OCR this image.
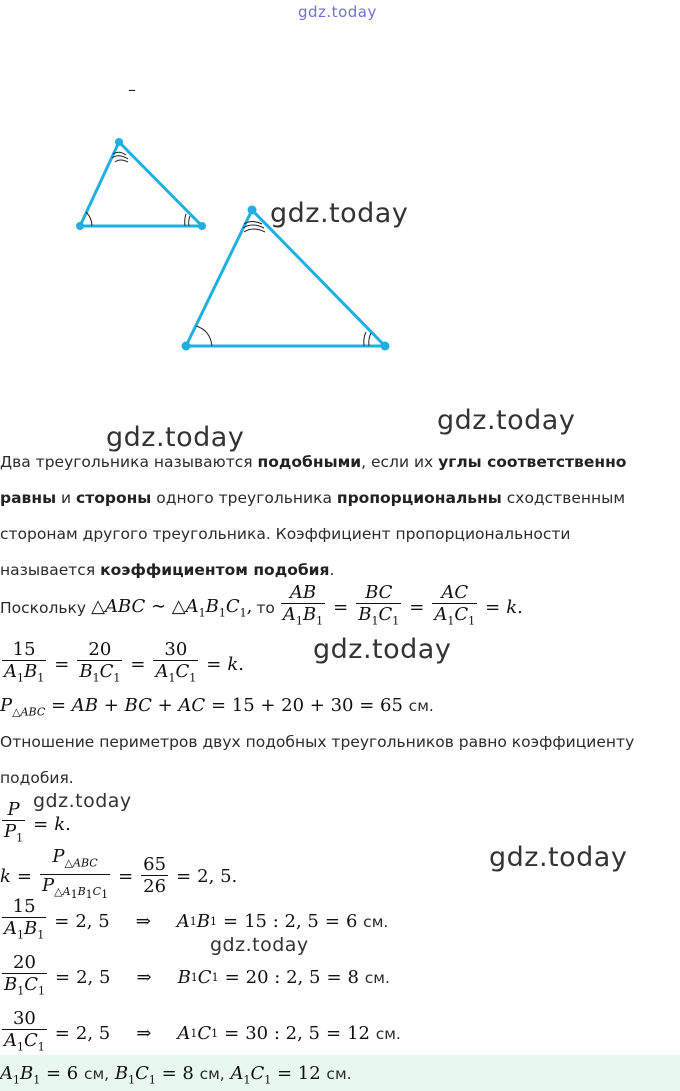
gdz.today
gdz.today
gdz.today
gdz.today
gdz.today
gdz.today
gdz.today
gdz.today
–
Два треугольника называются подобными, если их углы соответственно
равны и стороны одного треугольника пропорциональны сходственным
сторонам другого треугольника. Коэффициент пропорциональности
называется коэффициентом подобия.
Поскольку △ABC ∼ $\triangle A_1B_1C_1$, то $\frac{AB}{A_1B_1} = \frac{BC}{B_1C_1} = \frac{AC}{A_1C_1} = k$ .
$\frac{15}{A_1B_1} = \frac{20}{B_1C_1} = \frac{30}{A_1C_1} = k$ .
$P_{\triangle ABC}$ = AB + BC + AC = 15 + 20 + 30 = 65 см.
Отношение периметров двух подобных треугольников равно коэффициенту
подобия.
$\frac{P}{P_1} = k$ .
$k = \frac{P_{\triangle ABC}}{P_{\triangle A_1B_1C_1}} = \frac{65}{26} = 2$, 5 .
$\frac{15}{A_1B_1} = 2$, 5 ⇒ A 1 B 1 = 15 : 2, 5 = 6
см.
$\frac{20}{B_1C_1} = 2$, 5 ⇒ B 1 C 1 = 20 : 2, 5 = 8
см.
$\frac{30}{A_1C_1} = 2$, 5 ⇒ A 1 C 1 = 30 : 2, 5 = 12
см.
$A_1B_1 = 6$ см, $B_1C_1 = 8$ см, $A_1C_1 = 12$ см.
